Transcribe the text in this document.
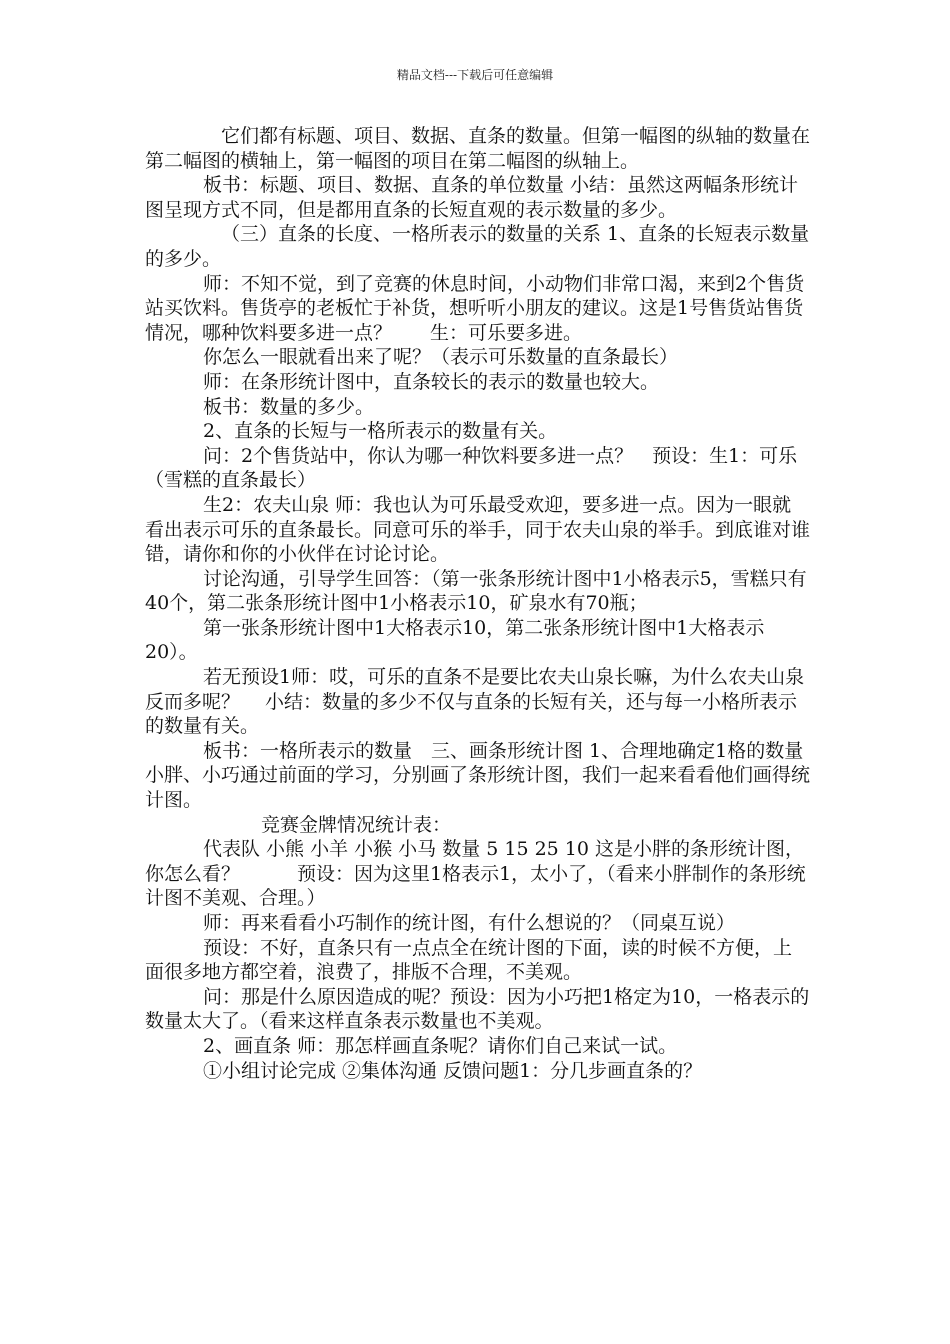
精品文档---下载后可任意编辑

它们都有标题、项目、数据、直条的数量。但第一幅图的纵轴的数量在第二幅图的横轴上，第一幅图的项目在第二幅图的纵轴上。

板书：标题、项目、数据、直条的单位数量 小结：虽然这两幅条形统计图呈现方式不同，但是都用直条的长短直观的表示数量的多少。

（三）直条的长度、一格所表示的数量的关系 1、直条的长短表示数量的多少。

师：不知不觉，到了竞赛的休息时间，小动物们非常口渴，来到2个售货站买饮料。售货亭的老板忙于补货，想听听小朋友的建议。这是1号售货站售货情况，哪种饮料要多进一点？　　生：可乐要多进。

你怎么一眼就看出来了呢？（表示可乐数量的直条最长）

师：在条形统计图中，直条较长的表示的数量也较大。

板书：数量的多少。

2、直条的长短与一格所表示的数量有关。

问：2个售货站中，你认为哪一种饮料要多进一点？　预设：生1：可乐（雪糕的直条最长）

生2：农夫山泉 师：我也认为可乐最受欢迎，要多进一点。因为一眼就看出表示可乐的直条最长。同意可乐的举手，同于农夫山泉的举手。到底谁对谁错，请你和你的小伙伴在讨论讨论。

讨论沟通，引导学生回答：（第一张条形统计图中1小格表示5，雪糕只有40个，第二张条形统计图中1小格表示10，矿泉水有70瓶；

第一张条形统计图中1大格表示10，第二张条形统计图中1大格表示20）。

若无预设1师：哎，可乐的直条不是要比农夫山泉长嘛，为什么农夫山泉反而多呢？　 小结：数量的多少不仅与直条的长短有关，还与每一小格所表示的数量有关。

板书：一格所表示的数量　三、画条形统计图 1、合理地确定1格的数量 小胖、小巧通过前面的学习，分别画了条形统计图，我们一起来看看他们画得统计图。

竞赛金牌情况统计表：

代表队 小熊 小羊 小猴 小马 数量 5 15 25 10 这是小胖的条形统计图，你怎么看？　　　预设：因为这里1格表示1，太小了，（看来小胖制作的条形统计图不美观、合理。）

师：再来看看小巧制作的统计图，有什么想说的？（同桌互说）

预设：不好，直条只有一点点全在统计图的下面，读的时候不方便，上面很多地方都空着，浪费了，排版不合理，不美观。

问：那是什么原因造成的呢？预设：因为小巧把1格定为10，一格表示的数量太大了。（看来这样直条表示数量也不美观。

2、画直条 师：那怎样画直条呢？请你们自己来试一试。

①小组讨论完成 ②集体沟通 反馈问题1：分几步画直条的？
